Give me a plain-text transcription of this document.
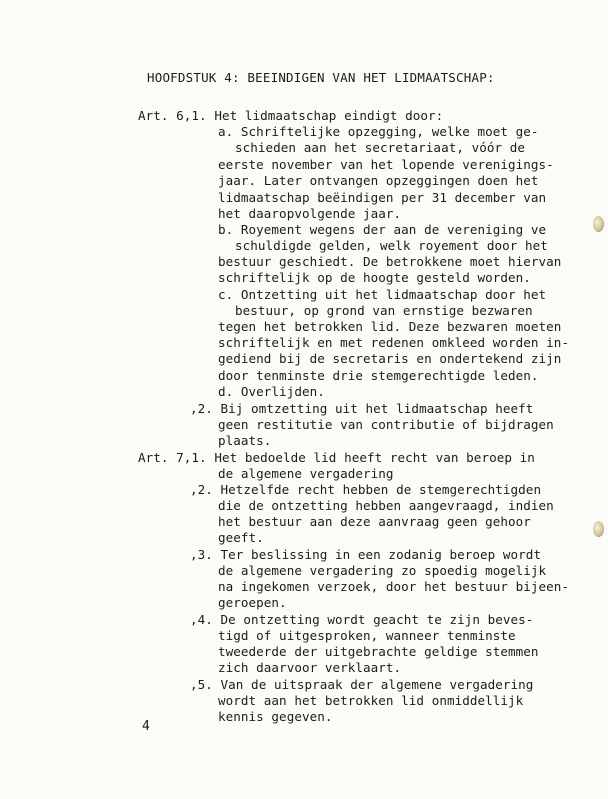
HOOFDSTUK 4: BEEINDIGEN VAN HET LIDMAATSCHAP:
Art. 6,1. Het lidmaatschap eindigt door:
a. Schriftelijke opzegging, welke moet ge-
schieden aan het secretariaat, vóór de
eerste november van het lopende verenigings-
jaar. Later ontvangen opzeggingen doen het
lidmaatschap beëindigen per 31 december van
het daaropvolgende jaar.
b. Royement wegens der aan de vereniging ve
schuldigde gelden, welk royement door het
bestuur geschiedt. De betrokkene moet hiervan
schriftelijk op de hoogte gesteld worden.
c. Ontzetting uit het lidmaatschap door het
bestuur, op grond van ernstige bezwaren
tegen het betrokken lid. Deze bezwaren moeten
schriftelijk en met redenen omkleed worden in-
gediend bij de secretaris en ondertekend zijn
door tenminste drie stemgerechtigde leden.
d. Overlijden.
,2. Bij omtzetting uit het lidmaatschap heeft
geen restitutie van contributie of bijdragen
plaats.
Art. 7,1. Het bedoelde lid heeft recht van beroep in
de algemene vergadering
,2. Hetzelfde recht hebben de stemgerechtigden
die de ontzetting hebben aangevraagd, indien
het bestuur aan deze aanvraag geen gehoor
geeft.
,3. Ter beslissing in een zodanig beroep wordt
de algemene vergadering zo spoedig mogelijk
na ingekomen verzoek, door het bestuur bijeen-
geroepen.
,4. De ontzetting wordt geacht te zijn beves-
tigd of uitgesproken, wanneer tenminste
tweederde der uitgebrachte geldige stemmen
zich daarvoor verklaart.
,5. Van de uitspraak der algemene vergadering
wordt aan het betrokken lid onmiddellijk
kennis gegeven.
4
